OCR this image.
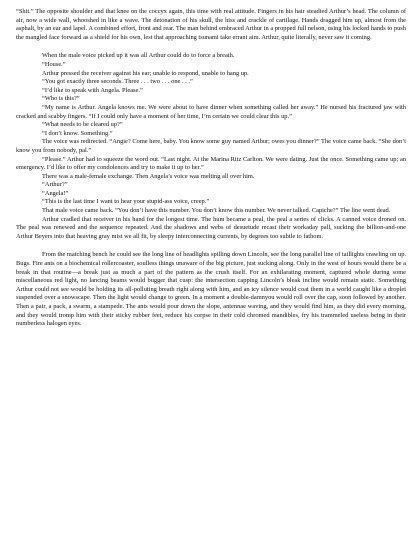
“Shit.” The opposite shoulder and that knee on the coccyx again, this time with real attitude. Fingers in his hair steadied Arthur’s head. The column of air, now a wide wall, whooshed in like a wave. The detonation of his skull, the hiss and crackle of cartilage. Hands dragged him up, almost from the asphalt, by an ear and lapel. A combined effort, front and rear. The man behind embraced Arthur in a propped full nelson, using his locked hands to push the mangled face forward as a shield for his own, lest that approaching tsunami take errant aim. Arthur, quite literally, never saw it coming.

When the male voice picked up it was all Arthur could do to force a breath.

“House.”

Arthur pressed the receiver against his ear; unable to respond, unable to hang up.

“You got exactly three seconds. Three . . . two . . . one . . .”

“I’d like to speak with Angela. Please.”

“Who is this?”

“My name is Arthur. Angela knows me. We were about to have dinner when something called her away.” He nursed his fractured jaw with cracked and scabby fingers. “If I could only have a moment of her time, I’m certain we could clear this up.”

“What needs to be cleared up?”

“I don’t know. Something.”

The voice was redirected. “Angie? Come here, baby. You know some guy named Arthur; owes you dinner?” The voice came back. “She don’t know you from nobody, pal.”

“Please.” Arthur had to squeeze the word out. “Last night. At the Marina Ritz Carlton. We were dating. Just the once. Something came up; an emergency. I’d like to offer my condolences and try to make it up to her.”

There was a male-female exchange. Then Angela’s voice was melting all over him.

“Arthur?”

“Angela!”

“This is the last time I want to hear your stupid-ass voice, creep.”

That male voice came back. “You don’t have this number. You don’t know this number. We never talked. Capiche?” The line went dead.

Arthur cradled that receiver in his hand for the longest time. The hum became a peal, the peal a series of clicks. A canned voice droned on. The peal was renewed and the sequence repeated. And the shadows and webs of desuetude recast their workaday pall, sucking the billion-and-one Arthur Beyers into that heaving gray mist we all fit, by sleepy interconnecting currents, by degrees too subtle to fathom.

From the matching bench he could see the long line of headlights spilling down Lincoln, see the long parallel line of taillights crawling on up. Bugs. Fire ants on a biochemical rollercoaster, soulless things unaware of the big picture, just sucking along. Only in the west of hours would there be a break in that routine—a break just as much a part of the pattern as the crush itself. For an exhilarating moment, captured whole during some miscellaneous red light, no lancing beams would bugger that cusp: the intersection capping Lincoln’s bleak incline would remain static. Something Arthur could not see would be holding its all-polluting breath right along with him, and an icy silence would coat them in a world caught like a droplet suspended over a snowscape. Then the light would change to green. In a moment a double-damnyou would roll over the cap, soon followed by another. Then a pair, a pack, a swarm, a stampede. The ants would pour down the slope, antennae waving, and they would find him, as they did every morning, and they would tromp him with their sticky rubber feet, reduce his corpse in their cold chromed mandibles, fry his trammeled useless being in their numberless halogen eyes.
